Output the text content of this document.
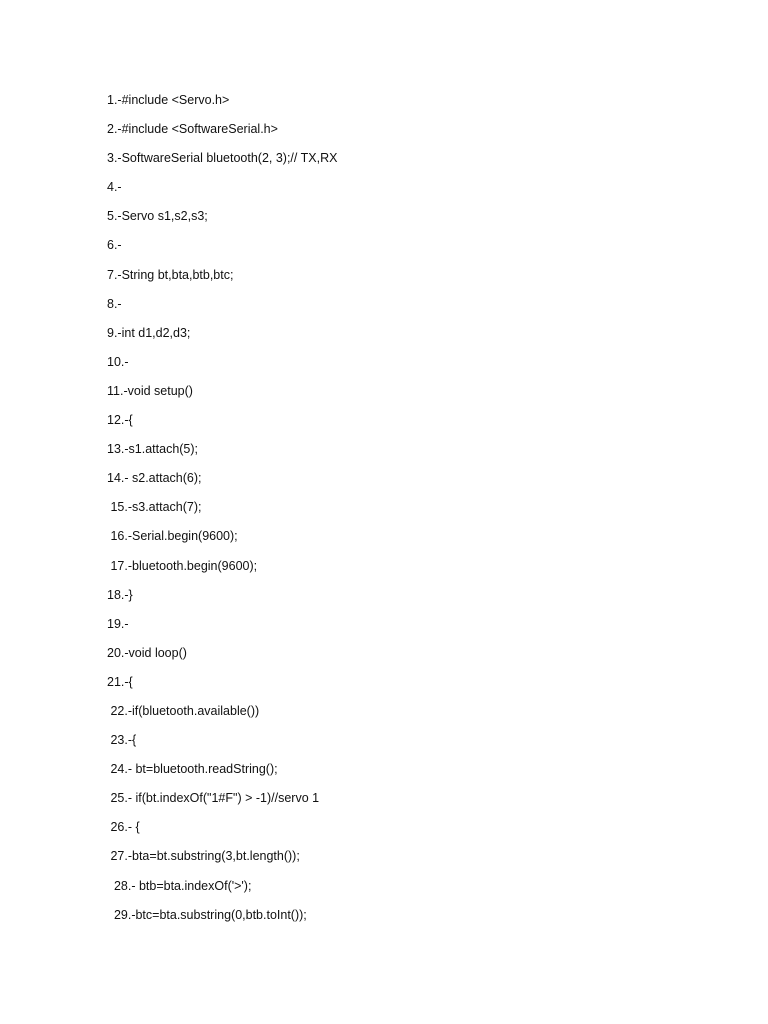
1.-#include <Servo.h>
2.-#include <SoftwareSerial.h>
3.-SoftwareSerial bluetooth(2, 3);// TX,RX
4.-
5.-Servo s1,s2,s3;
6.-
7.-String bt,bta,btb,btc;
8.-
9.-int d1,d2,d3;
10.-
11.-void setup()
12.-{
13.-s1.attach(5);
14.- s2.attach(6);
15.-s3.attach(7);
16.-Serial.begin(9600);
17.-bluetooth.begin(9600);
18.-}
19.-
20.-void loop()
21.-{
22.-if(bluetooth.available())
23.-{
24.- bt=bluetooth.readString();
25.- if(bt.indexOf("1#F") > -1)//servo 1
26.- {
27.-bta=bt.substring(3,bt.length());
28.- btb=bta.indexOf('>');
29.-btc=bta.substring(0,btb.toInt());
